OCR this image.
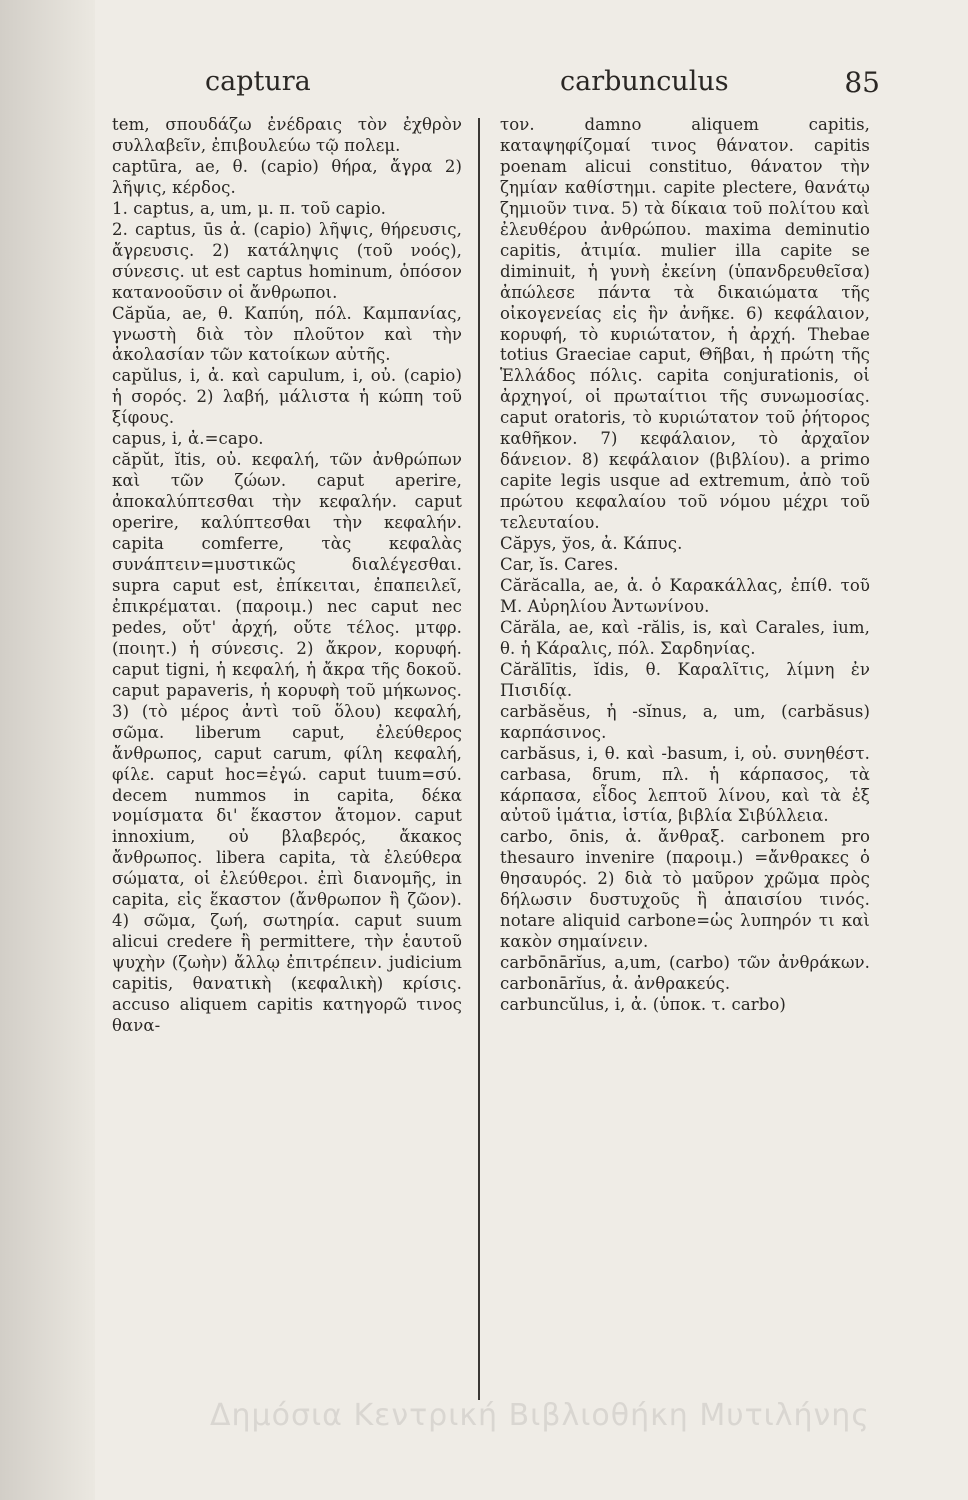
captura	carbunculus	85

tem, σπουδάζω ἐνέδραις τὸν ἐχθρὸν συλλαβεῖν, ἐπιβουλεύω τῷ πολεμ.

captūra, ae, θ. (capio) θήρα, ἄγρα 2) λῆψις, κέρδος.

1. captus, a, um, μ. π. τοῦ capio.

2. captus, ūs ἀ. (capio) λῆψις, θήρευσις, ἄγρευσις. 2) κατάληψις (τοῦ νοός), σύνεσις. ut est captus hominum, ὁπόσον κατανοοῦσιν οἱ ἄνθρωποι.

Căpŭa, ae, θ. Καπύη, πόλ. Καμπανίας, γνωστὴ διὰ τὸν πλοῦτον καὶ τὴν ἀκολασίαν τῶν κατοίκων αὐτῆς.

capŭlus, i, ἀ. καὶ capulum, i, οὐ. (capio) ἡ σορός. 2) λαβή, μάλιστα ἡ κώπη τοῦ ξίφους.

capus, i, ἀ.=capo.

căpŭt, ĭtis, οὐ. κεφαλή, τῶν ἀνθρώπων καὶ τῶν ζώων. caput aperire, ἀποκαλύπτεσθαι τὴν κεφαλήν. caput operire, καλύπτεσθαι τὴν κεφαλήν. capita comferre, τὰς κεφαλὰς συνάπτειν=μυστικῶς διαλέγεσθαι. supra caput est, ἐπίκειται, ἐπαπειλεῖ, ἐπικρέμαται. (παροιμ.) nec caput nec pedes, οὔτ' ἀρχή, οὔτε τέλος. μτφρ. (ποιητ.) ἡ σύνεσις. 2) ἄκρον, κορυφή. caput tigni, ἡ κεφαλή, ἡ ἄκρα τῆς δοκοῦ. caput papaveris, ἡ κορυφὴ τοῦ μήκωνος. 3) (τὸ μέρος ἀντὶ τοῦ ὅλου) κεφαλή, σῶμα. liberum caput, ἐλεύθερος ἄνθρωπος, caput carum, φίλη κεφαλή, φίλε. caput hoc=ἐγώ. caput tuum=σύ. decem nummos in capita, δέκα νομίσματα δι' ἕκαστον ἄτομον. caput innoxium, οὐ βλαβερός, ἄκακος ἄνθρωπος. libera capita, τὰ ἐλεύθερα σώματα, οἱ ἐλεύθεροι. ἐπὶ διανομῆς, in capita, εἰς ἕκαστον (ἄνθρωπον ἢ ζῶον). 4) σῶμα, ζωή, σωτηρία. caput suum alicui credere ἢ permittere, τὴν ἑαυτοῦ ψυχὴν (ζωὴν) ἄλλῳ ἐπιτρέπειν. judicium capitis, θανατικὴ (κεφαλικὴ) κρίσις. accuso aliquem capitis κατηγορῶ τινος θανα-

τον. damno aliquem capitis, καταψηφίζομαί τινος θάνατον. capitis poenam alicui constituo, θάνατον τὴν ζημίαν καθίστημι. capite plectere, θανάτῳ ζημιοῦν τινα. 5) τὰ δίκαια τοῦ πολίτου καὶ ἐλευθέρου ἀνθρώπου. maxima deminutio capitis, ἀτιμία. mulier illa capite se diminuit, ἡ γυνὴ ἐκείνη (ὑπανδρευθεῖσα) ἀπώλεσε πάντα τὰ δικαιώματα τῆς οἰκογενείας εἰς ἣν ἀνῆκε. 6) κεφάλαιον, κορυφή, τὸ κυριώτατον, ἡ ἀρχή. Thebae totius Graeciae caput, Θῆβαι, ἡ πρώτη τῆς Ἑλλάδος πόλις. capita conjurationis, οἱ ἀρχηγοί, οἱ πρωταίτιοι τῆς συνωμοσίας. caput oratoris, τὸ κυριώτατον τοῦ ῥήτορος καθῆκον. 7) κεφάλαιον, τὸ ἀρχαῖον δάνειον. 8) κεφάλαιον (βιβλίου). a primo capite legis usque ad extremum, ἀπὸ τοῦ πρώτου κεφαλαίου τοῦ νόμου μέχρι τοῦ τελευταίου.

Căpys, ўos, ἀ. Κάπυς.

Car, ĭs. Cares.

Cărăcalla, ae, ἀ. ὁ Καρακάλλας, ἐπίθ. τοῦ Μ. Αὐρηλίου Ἀντωνίνου.

Cărăla, ae, καὶ -rălis, is, καὶ Carales, ium, θ. ἡ Κάραλις, πόλ. Σαρδηνίας.

Cărălītis, ĭdis, θ. Καραλῖτις, λίμνη ἐν Πισιδίᾳ.

carbăsĕus, ἡ -sĭnus, a, um, (carbăsus) καρπάσινος.

carbăsus, i, θ. καὶ -basum, i, οὐ. συνηθέστ. carbasa, δrum, πλ. ἡ κάρπασος, τὰ κάρπασα, εἶδος λεπτοῦ λίνου, καὶ τὰ ἐξ αὐτοῦ ἱμάτια, ἱστία, βιβλία Σιβύλλεια.

carbo, ōnis, ἀ. ἄνθραξ. carbonem pro thesauro invenire (παροιμ.) =ἄνθρακες ὁ θησαυρός. 2) διὰ τὸ μαῦρον χρῶμα πρὸς δήλωσιν δυστυχοῦς ἢ ἀπαισίου τινός. notare aliquid carbone=ὡς λυπηρόν τι καὶ κακὸν σημαίνειν.

carbōnārĭus, a,um, (carbo) τῶν ἀνθράκων. carbonārĭus, ἀ. ἀνθρακεύς.

carbuncŭlus, i, ἀ. (ὑποκ. τ. carbo)

Δημόσια Κεντρική Βιβλιοθήκη Μυτιλήνης
